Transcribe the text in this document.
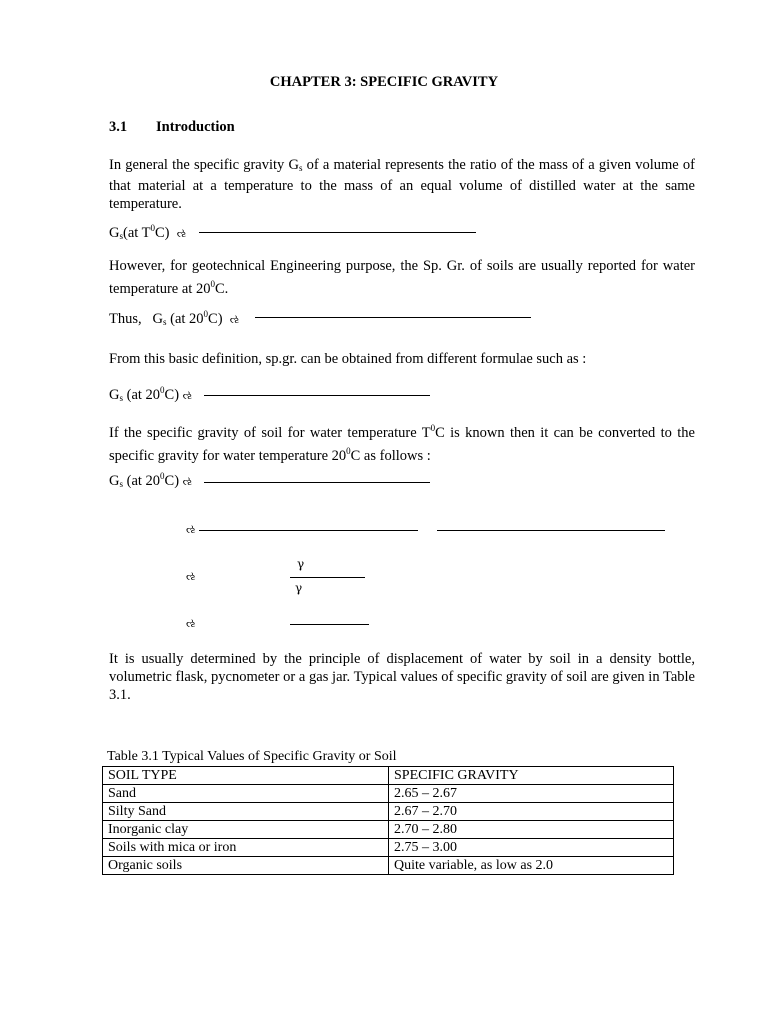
CHAPTER 3: SPECIFIC GRAVITY
3.1 Introduction
In general the specific gravity $G_s$ of a material represents the ratio of the mass of a given volume of that material at a temperature to the mass of an equal volume of distilled water at the same temperature.
$G_s(at$ $T^0C$) ઌ
However, for geotechnical Engineering purpose, the Sp. Gr. of soils are usually reported for water temperature at $20^0C$.
Thus, $G_s$ (at $20^0C$) ઌ
From this basic definition, sp.gr. can be obtained from different formulae such as :
$G_s$ (at $20^0C$) ઌ
If the specific gravity of soil for water temperature $T^0C$ is known then it can be converted to the specific gravity for water temperature $20^0C$ as follows :
$G_s$ (at $20^0C$) ઌ
ઌ
ઌ
γ
γ
ઌ
It is usually determined by the principle of displacement of water by soil in a density bottle, volumetric flask, pycnometer or a gas jar. Typical values of specific gravity of soil are given in Table 3.1.
Table 3.1 Typical Values of Specific Gravity or Soil
SOIL TYPE	SPECIFIC GRAVITY
Sand	2.65 – 2.67
Silty Sand	2.67 – 2.70
Inorganic clay	2.70 – 2.80
Soils with mica or iron	2.75 – 3.00
Organic soils	Quite variable, as low as 2.0
